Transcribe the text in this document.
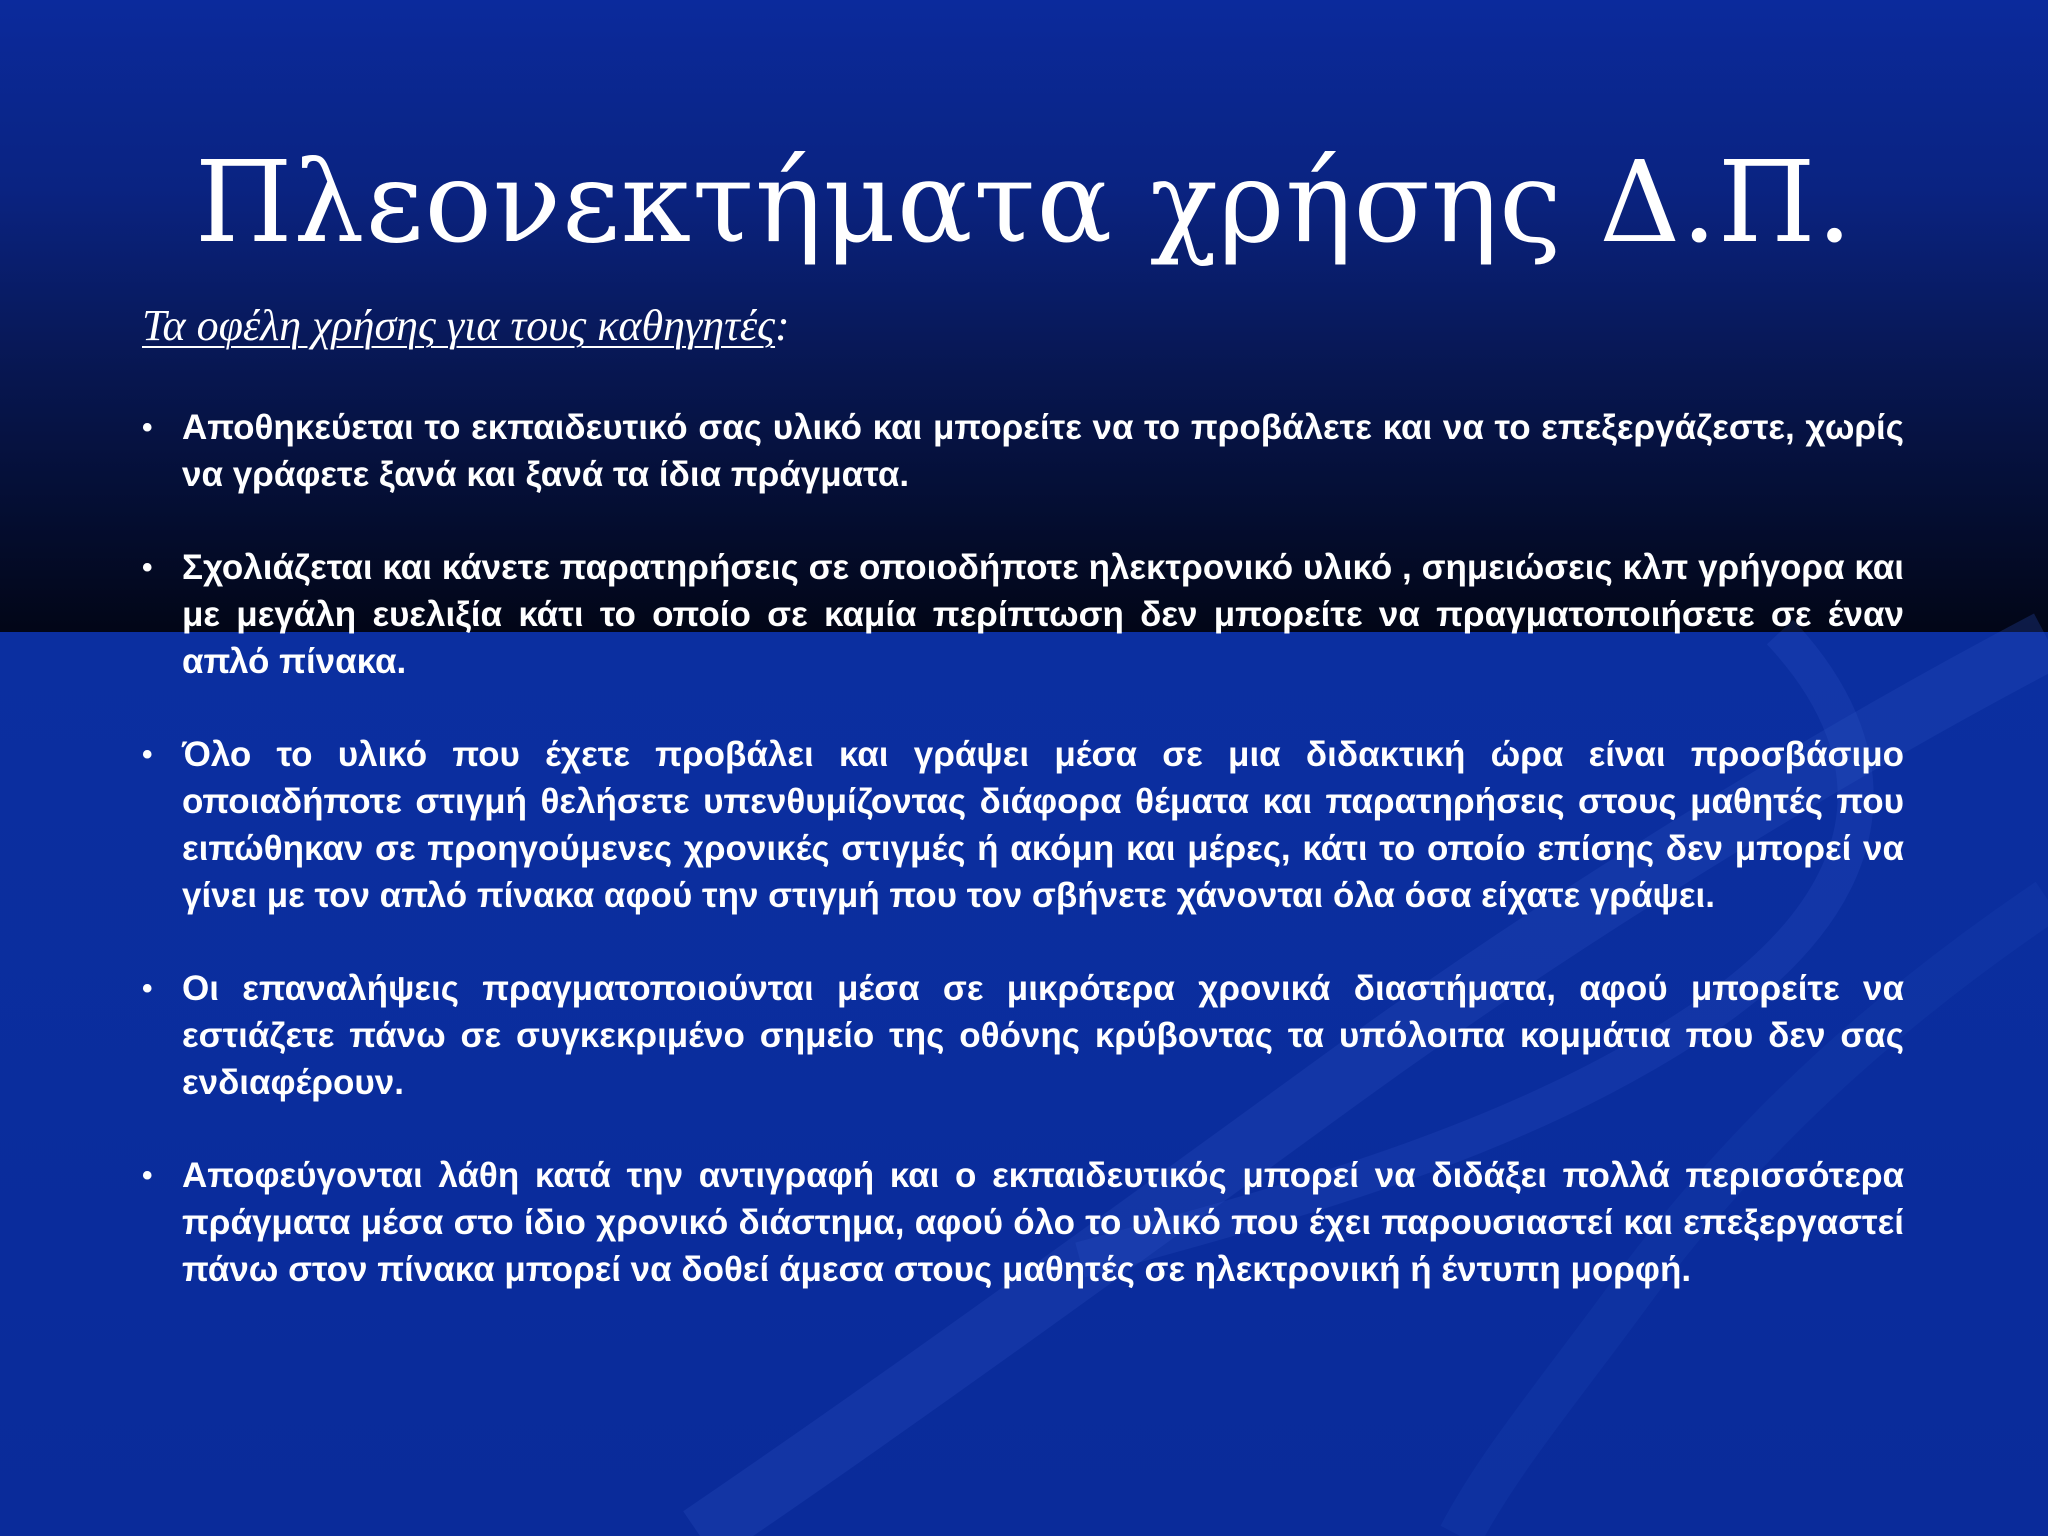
Πλεονεκτήματα χρήσης Δ.Π.
Τα οφέλη χρήσης για τους καθηγητές:
• Αποθηκεύεται το εκπαιδευτικό σας υλικό και μπορείτε να το προβάλετε και να το επεξεργάζεστε, χωρίς να γράφετε ξανά και ξανά τα ίδια πράγματα.
• Σχολιάζεται και κάνετε παρατηρήσεις σε οποιοδήποτε ηλεκτρονικό υλικό , σημειώσεις κλπ γρήγορα και με μεγάλη ευελιξία κάτι το οποίο σε καμία περίπτωση δεν μπορείτε να πραγματοποιήσετε σε έναν απλό πίνακα.
• Όλο το υλικό που έχετε προβάλει και γράψει μέσα σε μια διδακτική ώρα είναι προσβάσιμο οποιαδήποτε στιγμή θελήσετε υπενθυμίζοντας διάφορα θέματα και παρατηρήσεις στους μαθητές που ειπώθηκαν σε προηγούμενες χρονικές στιγμές ή ακόμη και μέρες, κάτι το οποίο επίσης δεν μπορεί να γίνει με τον απλό πίνακα αφού την στιγμή που τον σβήνετε χάνονται όλα όσα είχατε γράψει.
• Οι επαναλήψεις πραγματοποιούνται μέσα σε μικρότερα χρονικά διαστήματα, αφού μπορείτε να εστιάζετε πάνω σε συγκεκριμένο σημείο της οθόνης κρύβοντας τα υπόλοιπα κομμάτια που δεν σας ενδιαφέρουν.
• Αποφεύγονται λάθη κατά την αντιγραφή και ο εκπαιδευτικός μπορεί να διδάξει πολλά περισσότερα πράγματα μέσα στο ίδιο χρονικό διάστημα, αφού όλο το υλικό που έχει παρουσιαστεί και επεξεργαστεί πάνω στον πίνακα μπορεί να δοθεί άμεσα στους μαθητές σε ηλεκτρονική ή έντυπη μορφή.
